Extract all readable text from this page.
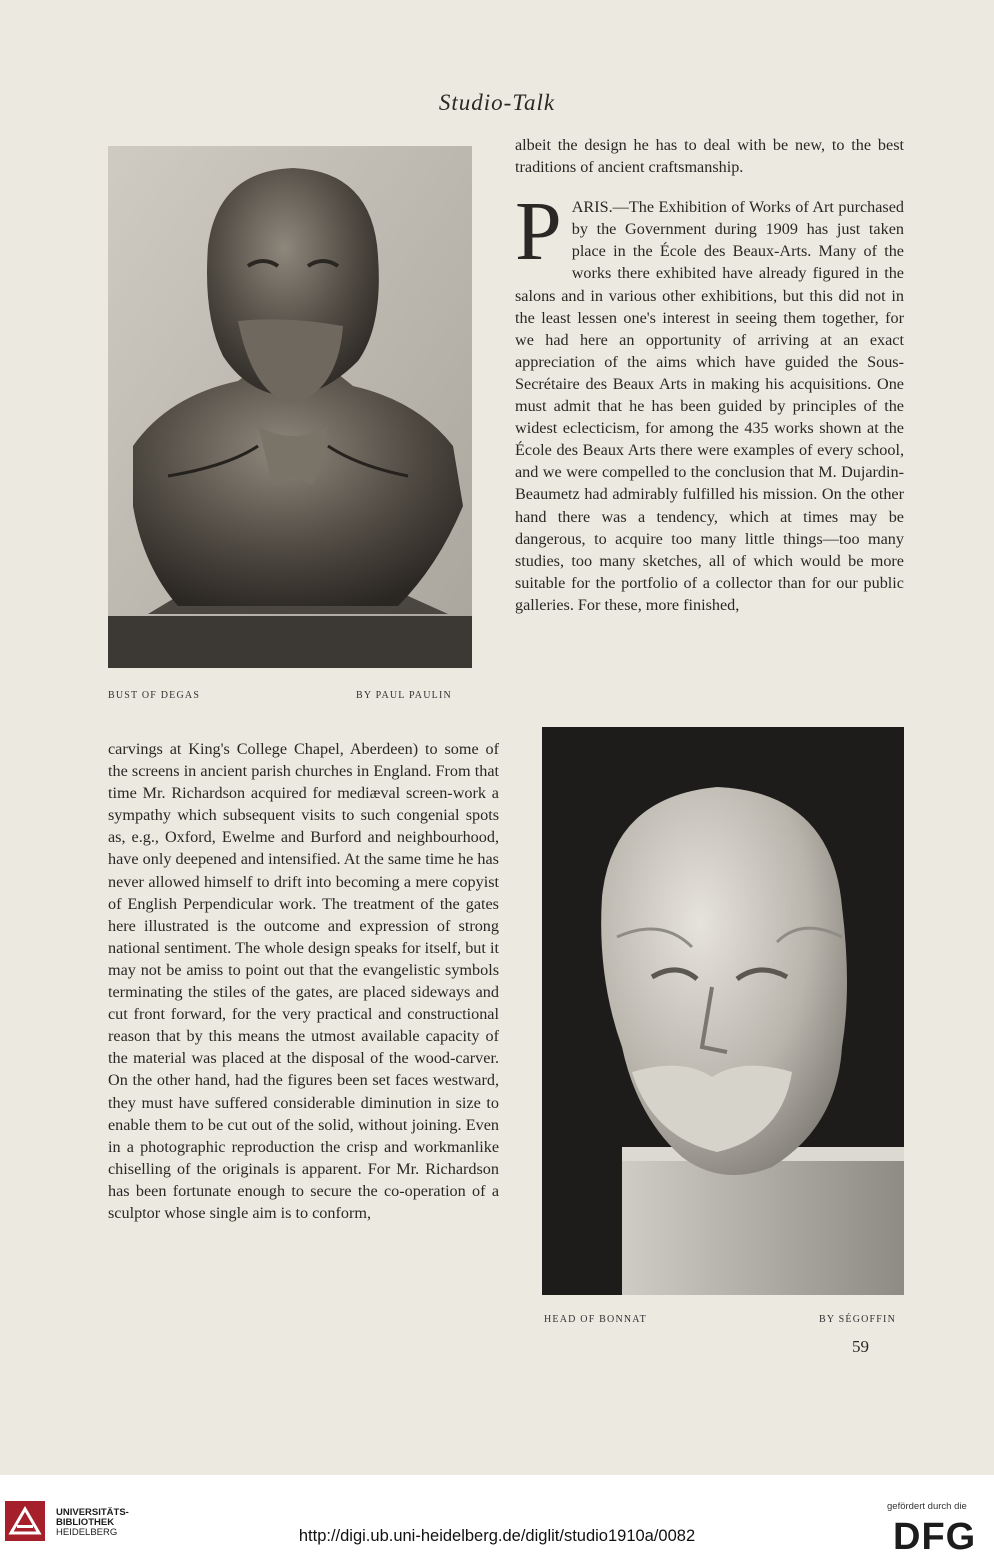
Studio-Talk
BUST OF DEGAS	BY PAUL PAULIN

albeit the design he has to deal with be new, to the best traditions of ancient craftsmanship.

PARIS.—The Exhibition of Works of Art purchased by the Government during 1909 has just taken place in the École des Beaux-Arts. Many of the works there exhibited have already figured in the salons and in various other exhibitions, but this did not in the least lessen one's interest in seeing them together, for we had here an opportunity of arriving at an exact appreciation of the aims which have guided the Sous-Secrétaire des Beaux Arts in making his acquisitions. One must admit that he has been guided by principles of the widest eclecticism, for among the 435 works shown at the École des Beaux Arts there were examples of every school, and we were compelled to the conclusion that M. Dujardin-Beaumetz had admirably fulfilled his mission. On the other hand there was a tendency, which at times may be dangerous, to acquire too many little things—too many studies, too many sketches, all of which would be more suitable for the portfolio of a collector than for our public galleries. For these, more finished,

carvings at King's College Chapel, Aberdeen) to some of the screens in ancient parish churches in England. From that time Mr. Richardson acquired for mediæval screen-work a sympathy which subsequent visits to such congenial spots as, e.g., Oxford, Ewelme and Burford and neighbourhood, have only deepened and intensified. At the same time he has never allowed himself to drift into becoming a mere copyist of English Perpendicular work. The treatment of the gates here illustrated is the outcome and expression of strong national sentiment. The whole design speaks for itself, but it may not be amiss to point out that the evangelistic symbols terminating the stiles of the gates, are placed sideways and cut front forward, for the very practical and constructional reason that by this means the utmost available capacity of the material was placed at the disposal of the wood-carver. On the other hand, had the figures been set faces westward, they must have suffered considerable diminution in size to enable them to be cut out of the solid, without joining. Even in a photographic reproduction the crisp and workmanlike chiselling of the originals is apparent. For Mr. Richardson has been fortunate enough to secure the co-operation of a sculptor whose single aim is to conform,

HEAD OF BONNAT	BY SÉGOFFIN
59
UNIVERSITÄTS-
BIBLIOTHEK
HEIDELBERG	http://digi.ub.uni-heidelberg.de/diglit/studio1910a/0082
gefördert durch die
DFG
